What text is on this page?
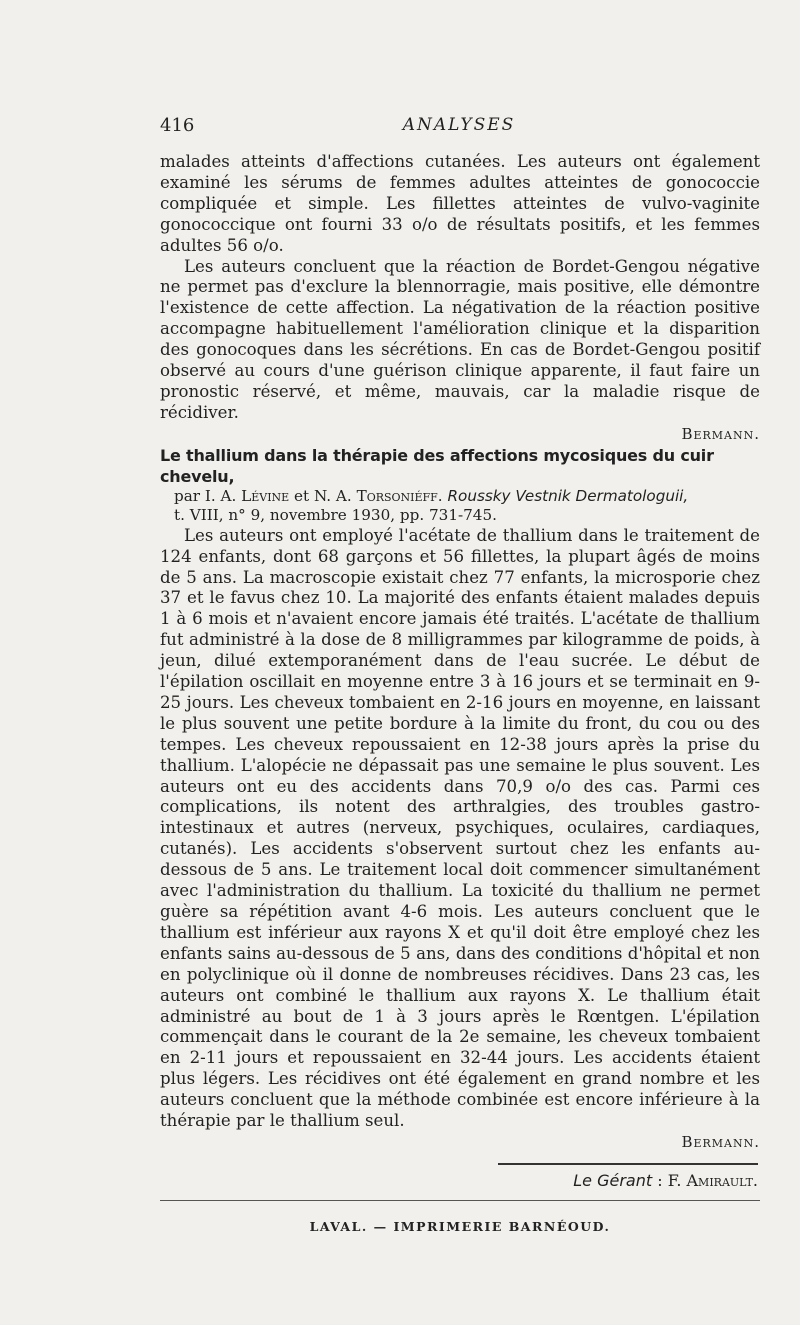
416	ANALYSES

malades atteints d'affections cutanées. Les auteurs ont également examiné les sérums de femmes adultes atteintes de gonococcie compliquée et simple. Les fillettes atteintes de vulvo-vaginite gonococcique ont fourni 33 o/o de résultats positifs, et les femmes adultes 56 o/o.

Les auteurs concluent que la réaction de Bordet-Gengou négative ne permet pas d'exclure la blennorragie, mais positive, elle démontre l'existence de cette affection. La négativation de la réaction positive accompagne habituellement l'amélioration clinique et la disparition des gonocoques dans les sécrétions. En cas de Bordet-Gengou positif observé au cours d'une guérison clinique apparente, il faut faire un pronostic réservé, et même, mauvais, car la maladie risque de récidiver.

Bermann.
Le thallium dans la thérapie des affections mycosiques du cuir chevelu,
par I. A. Lévine et N. A. Torsoniéff. Roussky Vestnik Dermatologuii,
t. VIII, n° 9, novembre 1930, pp. 731-745.

Les auteurs ont employé l'acétate de thallium dans le traitement de 124 enfants, dont 68 garçons et 56 fillettes, la plupart âgés de moins de 5 ans. La macroscopie existait chez 77 enfants, la microsporie chez 37 et le favus chez 10. La majorité des enfants étaient malades depuis 1 à 6 mois et n'avaient encore jamais été traités. L'acétate de thallium fut administré à la dose de 8 milligrammes par kilogramme de poids, à jeun, dilué extemporanément dans de l'eau sucrée. Le début de l'épilation oscillait en moyenne entre 3 à 16 jours et se terminait en 9-25 jours. Les cheveux tombaient en 2-16 jours en moyenne, en laissant le plus souvent une petite bordure à la limite du front, du cou ou des tempes. Les cheveux repoussaient en 12-38 jours après la prise du thallium. L'alopécie ne dépassait pas une semaine le plus souvent. Les auteurs ont eu des accidents dans 70,9 o/o des cas. Parmi ces complications, ils notent des arthralgies, des troubles gastro-intestinaux et autres (nerveux, psychiques, oculaires, cardiaques, cutanés). Les accidents s'observent surtout chez les enfants au-dessous de 5 ans. Le traitement local doit commencer simultanément avec l'administration du thallium. La toxicité du thallium ne permet guère sa répétition avant 4-6 mois. Les auteurs concluent que le thallium est inférieur aux rayons X et qu'il doit être employé chez les enfants sains au-dessous de 5 ans, dans des conditions d'hôpital et non en polyclinique où il donne de nombreuses récidives. Dans 23 cas, les auteurs ont combiné le thallium aux rayons X. Le thallium était administré au bout de 1 à 3 jours après le Rœntgen. L'épilation commençait dans le courant de la 2e semaine, les cheveux tombaient en 2-11 jours et repoussaient en 32-44 jours. Les accidents étaient plus légers. Les récidives ont été également en grand nombre et les auteurs concluent que la méthode combinée est encore inférieure à la thérapie par le thallium seul.

Bermann.
Le Gérant : F. Amirault.
LAVAL. — IMPRIMERIE BARNÉOUD.
